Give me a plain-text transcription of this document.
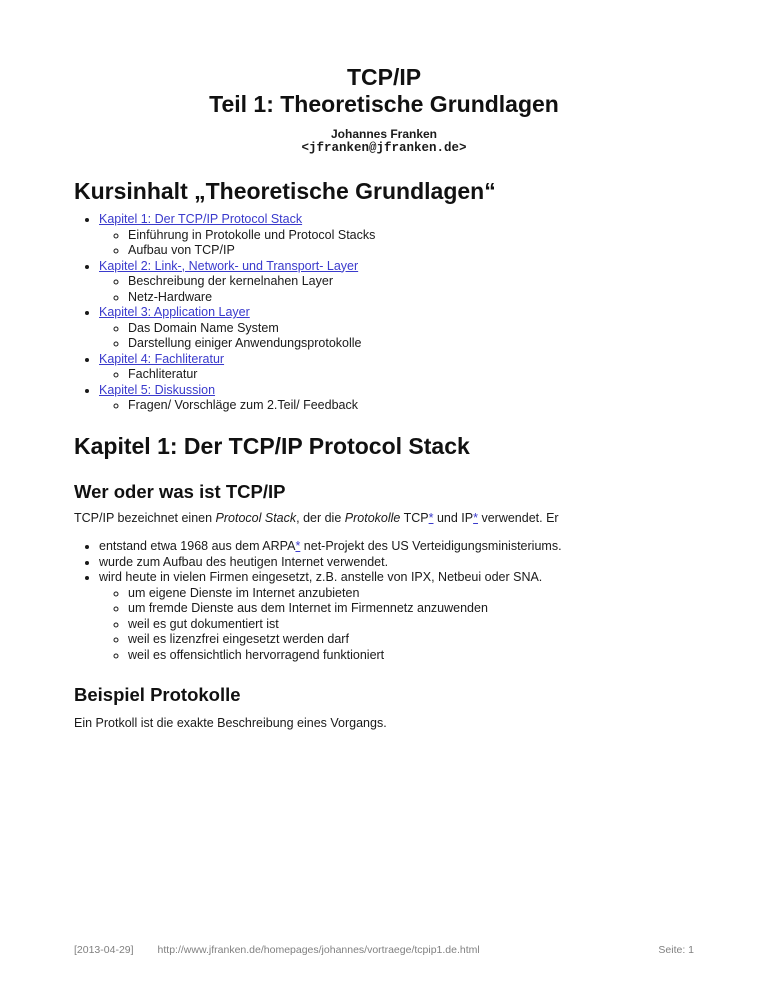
TCP/IP
Teil 1: Theoretische Grundlagen
Johannes Franken
<jfranken@jfranken.de>
Kursinhalt „Theoretische Grundlagen“
• Kapitel 1: Der TCP/IP Protocol Stack
◦ Einführung in Protokolle und Protocol Stacks
◦ Aufbau von TCP/IP
• Kapitel 2: Link-, Network- und Transport- Layer
◦ Beschreibung der kernelnahen Layer
◦ Netz-Hardware
• Kapitel 3: Application Layer
◦ Das Domain Name System
◦ Darstellung einiger Anwendungsprotokolle
• Kapitel 4: Fachliteratur
◦ Fachliteratur
• Kapitel 5: Diskussion
◦ Fragen/ Vorschläge zum 2.Teil/ Feedback
Kapitel 1: Der TCP/IP Protocol Stack
Wer oder was ist TCP/IP

TCP/IP bezeichnet einen Protocol Stack, der die Protokolle TCP* und IP* verwendet. Er

• entstand etwa 1968 aus dem ARPA* net-Projekt des US Verteidigungsministeriums.
• wurde zum Aufbau des heutigen Internet verwendet.
• wird heute in vielen Firmen eingesetzt, z.B. anstelle von IPX, Netbeui oder SNA.
◦ um eigene Dienste im Internet anzubieten
◦ um fremde Dienste aus dem Internet im Firmennetz anzuwenden
◦ weil es gut dokumentiert ist
◦ weil es lizenzfrei eingesetzt werden darf
◦ weil es offensichtlich hervorragend funktioniert
Beispiel Protokolle

Ein Protkoll ist die exakte Beschreibung eines Vorgangs.

[2013-04-29] http://www.jfranken.de/homepages/johannes/vortraege/tcpip1.de.html	Seite: 1
